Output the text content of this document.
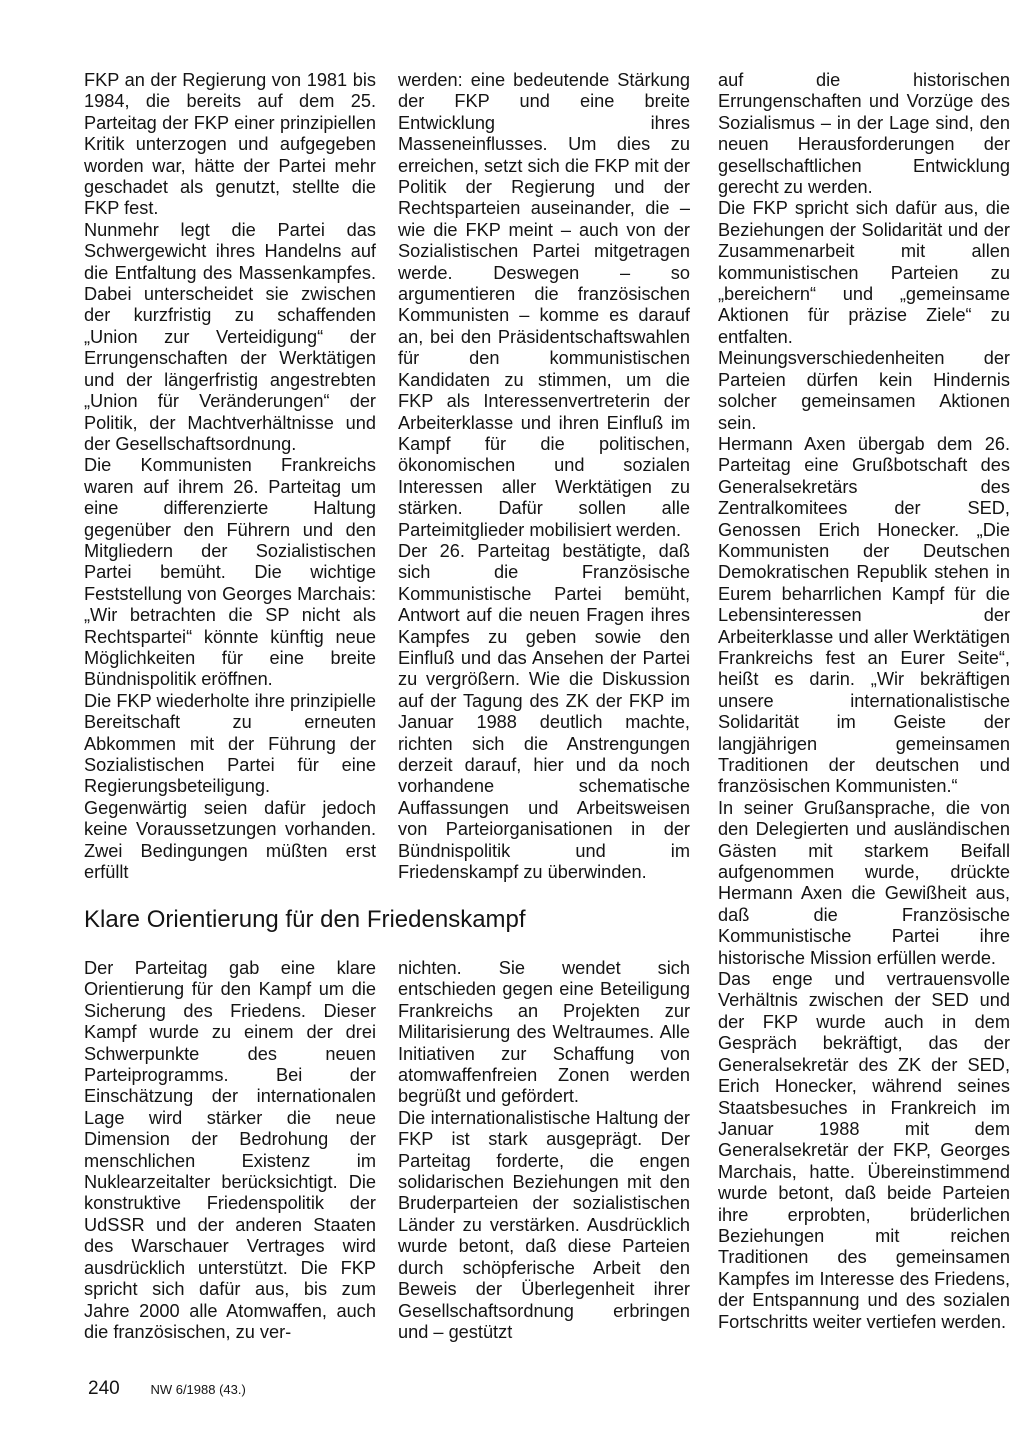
FKP an der Regierung von 1981 bis 1984, die bereits auf dem 25. Parteitag der FKP einer prinzipiellen Kritik unterzogen und aufgegeben worden war, hätte der Partei mehr geschadet als genutzt, stellte die FKP fest.

Nunmehr legt die Partei das Schwergewicht ihres Handelns auf die Entfaltung des Massenkampfes. Dabei unterscheidet sie zwischen der kurzfristig zu schaffenden „Union zur Verteidigung“ der Errungenschaften der Werktätigen und der längerfristig angestrebten „Union für Veränderungen“ der Politik, der Machtverhältnisse und der Gesellschaftsordnung.

Die Kommunisten Frankreichs waren auf ihrem 26. Parteitag um eine differenzierte Haltung gegenüber den Führern und den Mitgliedern der Sozialistischen Partei bemüht. Die wichtige Feststellung von Georges Marchais: „Wir betrachten die SP nicht als Rechtspartei“ könnte künftig neue Möglichkeiten für eine breite Bündnispolitik eröffnen.

Die FKP wiederholte ihre prinzipielle Bereitschaft zu erneuten Abkommen mit der Führung der Sozialistischen Partei für eine Regierungsbeteiligung. Gegenwärtig seien dafür jedoch keine Voraussetzungen vorhanden. Zwei Bedingungen müßten erst erfüllt

werden: eine bedeutende Stärkung der FKP und eine breite Entwicklung ihres Masseneinflusses. Um dies zu erreichen, setzt sich die FKP mit der Politik der Regierung und der Rechtsparteien auseinander, die – wie die FKP meint – auch von der Sozialistischen Partei mitgetragen werde. Deswegen – so argumentieren die französischen Kommunisten – komme es darauf an, bei den Präsidentschaftswahlen für den kommunistischen Kandidaten zu stimmen, um die FKP als Interessenvertreterin der Arbeiterklasse und ihren Einfluß im Kampf für die politischen, ökonomischen und sozialen Interessen aller Werktätigen zu stärken. Dafür sollen alle Parteimitglieder mobilisiert werden.

Der 26. Parteitag bestätigte, daß sich die Französische Kommunistische Partei bemüht, Antwort auf die neuen Fragen ihres Kampfes zu geben sowie den Einfluß und das Ansehen der Partei zu vergrößern. Wie die Diskussion auf der Tagung des ZK der FKP im Januar 1988 deutlich machte, richten sich die Anstrengungen derzeit darauf, hier und da noch vorhandene schematische Auffassungen und Arbeitsweisen von Parteiorganisationen in der Bündnispolitik und im Friedenskampf zu überwinden.

auf die historischen Errungenschaften und Vorzüge des Sozialismus – in der Lage sind, den neuen Herausforderungen der gesellschaftlichen Entwicklung gerecht zu werden.

Die FKP spricht sich dafür aus, die Beziehungen der Solidarität und der Zusammenarbeit mit allen kommunistischen Parteien zu „bereichern“ und „gemeinsame Aktionen für präzise Ziele“ zu entfalten. Meinungsverschiedenheiten der Parteien dürfen kein Hindernis solcher gemeinsamen Aktionen sein.

Hermann Axen übergab dem 26. Parteitag eine Grußbotschaft des Generalsekretärs des Zentralkomitees der SED, Genossen Erich Honecker. „Die Kommunisten der Deutschen Demokratischen Republik stehen in Eurem beharrlichen Kampf für die Lebensinteressen der Arbeiterklasse und aller Werktätigen Frankreichs fest an Eurer Seite“, heißt es darin. „Wir bekräftigen unsere internationalistische Solidarität im Geiste der langjährigen gemeinsamen Traditionen der deutschen und französischen Kommunisten.“

In seiner Grußansprache, die von den Delegierten und ausländischen Gästen mit starkem Beifall aufgenommen wurde, drückte Hermann Axen die Gewißheit aus, daß die Französische Kommunistische Partei ihre historische Mission erfüllen werde.

Das enge und vertrauensvolle Verhältnis zwischen der SED und der FKP wurde auch in dem Gespräch bekräftigt, das der Generalsekretär des ZK der SED, Erich Honecker, während seines Staatsbesuches in Frankreich im Januar 1988 mit dem Generalsekretär der FKP, Georges Marchais, hatte. Übereinstimmend wurde betont, daß beide Parteien ihre erprobten, brüderlichen Beziehungen mit reichen Traditionen des gemeinsamen Kampfes im Interesse des Friedens, der Entspannung und des sozialen Fortschritts weiter vertiefen werden.

Klare Orientierung für den Friedenskampf

Der Parteitag gab eine klare Orientierung für den Kampf um die Sicherung des Friedens. Dieser Kampf wurde zu einem der drei Schwerpunkte des neuen Parteiprogramms. Bei der Einschätzung der internationalen Lage wird stärker die neue Dimension der Bedrohung der menschlichen Existenz im Nuklearzeitalter berücksichtigt. Die konstruktive Friedenspolitik der UdSSR und der anderen Staaten des Warschauer Vertrages wird ausdrücklich unterstützt. Die FKP spricht sich dafür aus, bis zum Jahre 2000 alle Atomwaffen, auch die französischen, zu ver-

nichten. Sie wendet sich entschieden gegen eine Beteiligung Frankreichs an Projekten zur Militarisierung des Weltraumes. Alle Initiativen zur Schaffung von atomwaffenfreien Zonen werden begrüßt und gefördert.

Die internationalistische Haltung der FKP ist stark ausgeprägt. Der Parteitag forderte, die engen solidarischen Beziehungen mit den Bruderparteien der sozialistischen Länder zu verstärken. Ausdrücklich wurde betont, daß diese Parteien durch schöpferische Arbeit den Beweis der Überlegenheit ihrer Gesellschaftsordnung erbringen und – gestützt

240 NW 6/1988 (43.)
